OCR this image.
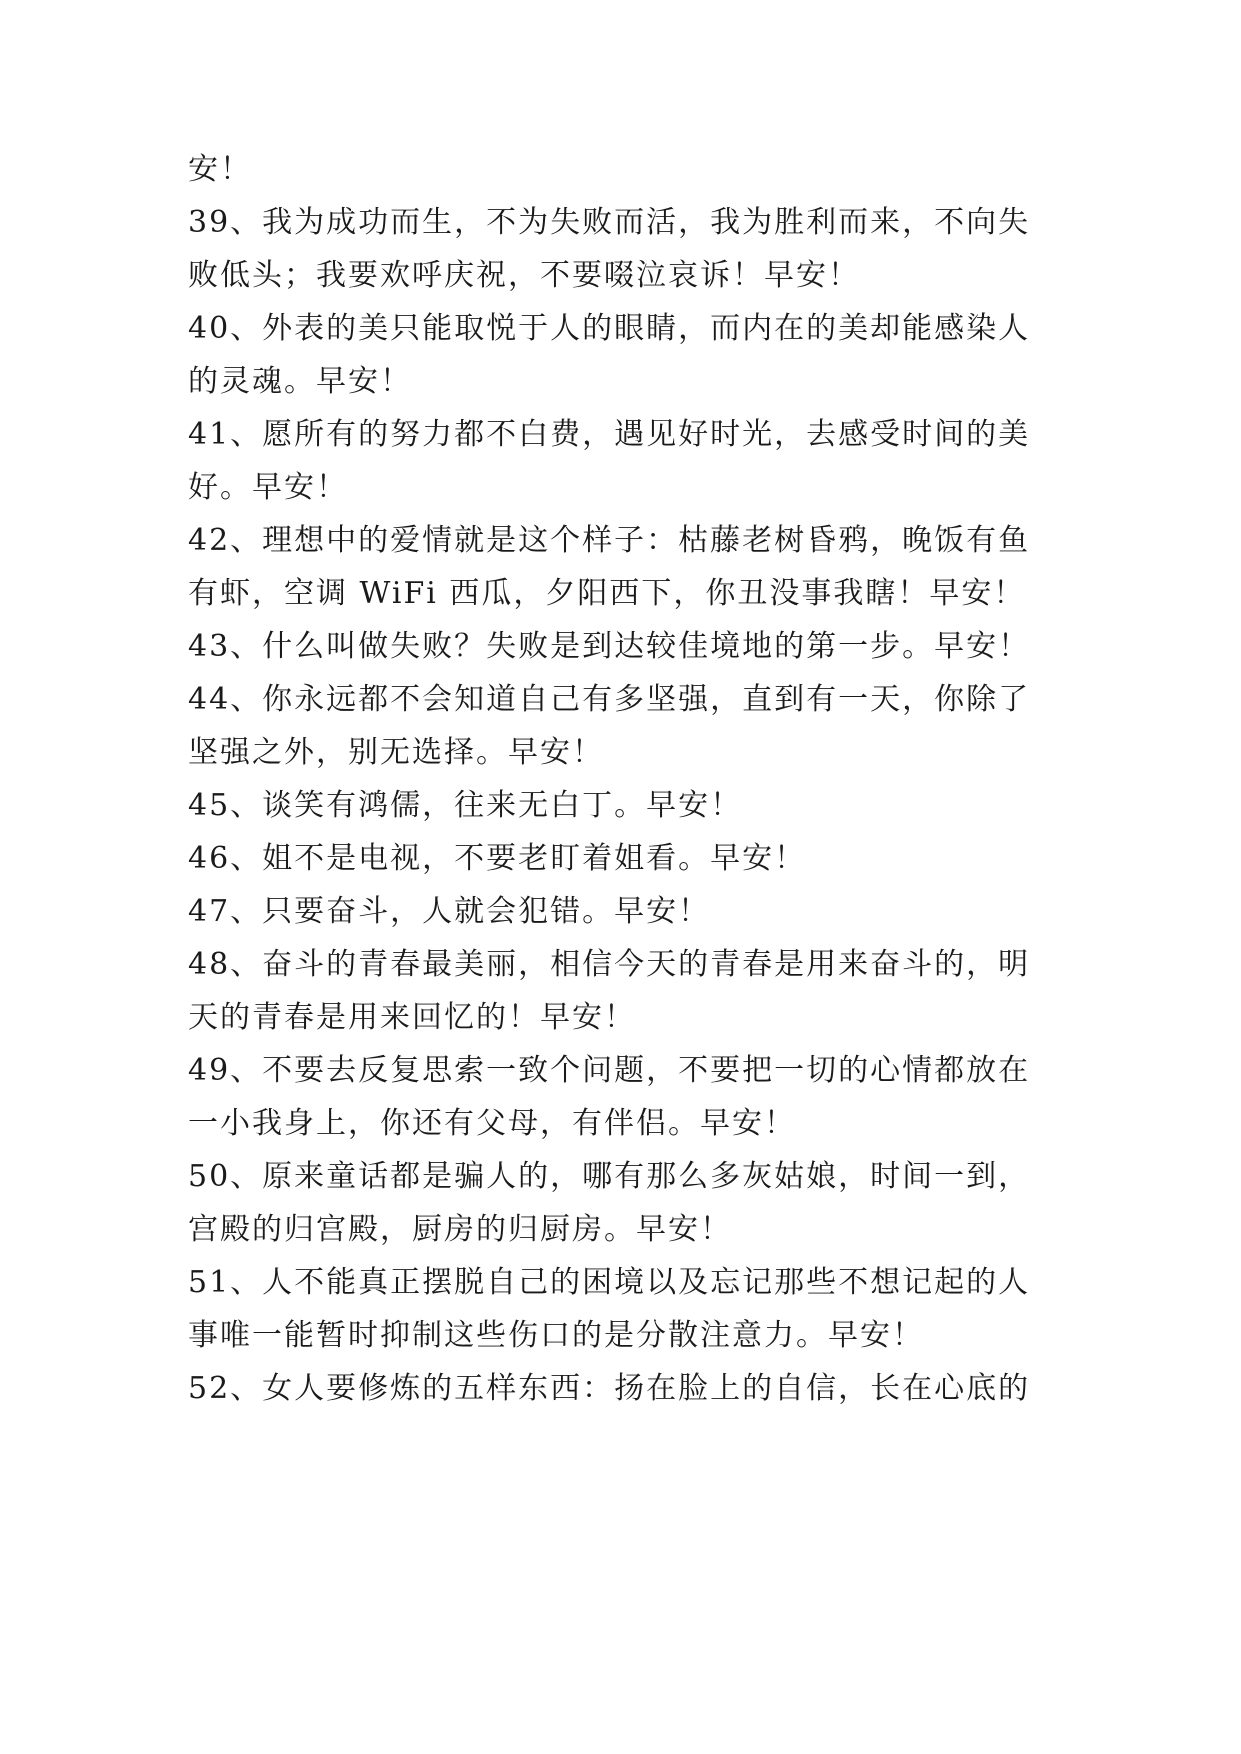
安！
39、我为成功而生，不为失败而活，我为胜利而来，不向失
败低头；我要欢呼庆祝，不要啜泣哀诉！早安！
40、外表的美只能取悦于人的眼睛，而内在的美却能感染人
的灵魂。早安！
41、愿所有的努力都不白费，遇见好时光，去感受时间的美
好。早安！
42、理想中的爱情就是这个样子：枯藤老树昏鸦，晚饭有鱼
有虾，空调 WiFi 西瓜，夕阳西下，你丑没事我瞎！早安！
43、什么叫做失败？失败是到达较佳境地的第一步。早安！
44、你永远都不会知道自己有多坚强，直到有一天，你除了
坚强之外，别无选择。早安！
45、谈笑有鸿儒，往来无白丁。早安！
46、姐不是电视，不要老盯着姐看。早安！
47、只要奋斗，人就会犯错。早安！
48、奋斗的青春最美丽，相信今天的青春是用来奋斗的，明
天的青春是用来回忆的！早安！
49、不要去反复思索一致个问题，不要把一切的心情都放在
一小我身上，你还有父母，有伴侣。早安！
50、原来童话都是骗人的，哪有那么多灰姑娘，时间一到，
宫殿的归宫殿，厨房的归厨房。早安！
51、人不能真正摆脱自己的困境以及忘记那些不想记起的人
事唯一能暂时抑制这些伤口的是分散注意力。早安！
52、女人要修炼的五样东西：扬在脸上的自信，长在心底的
